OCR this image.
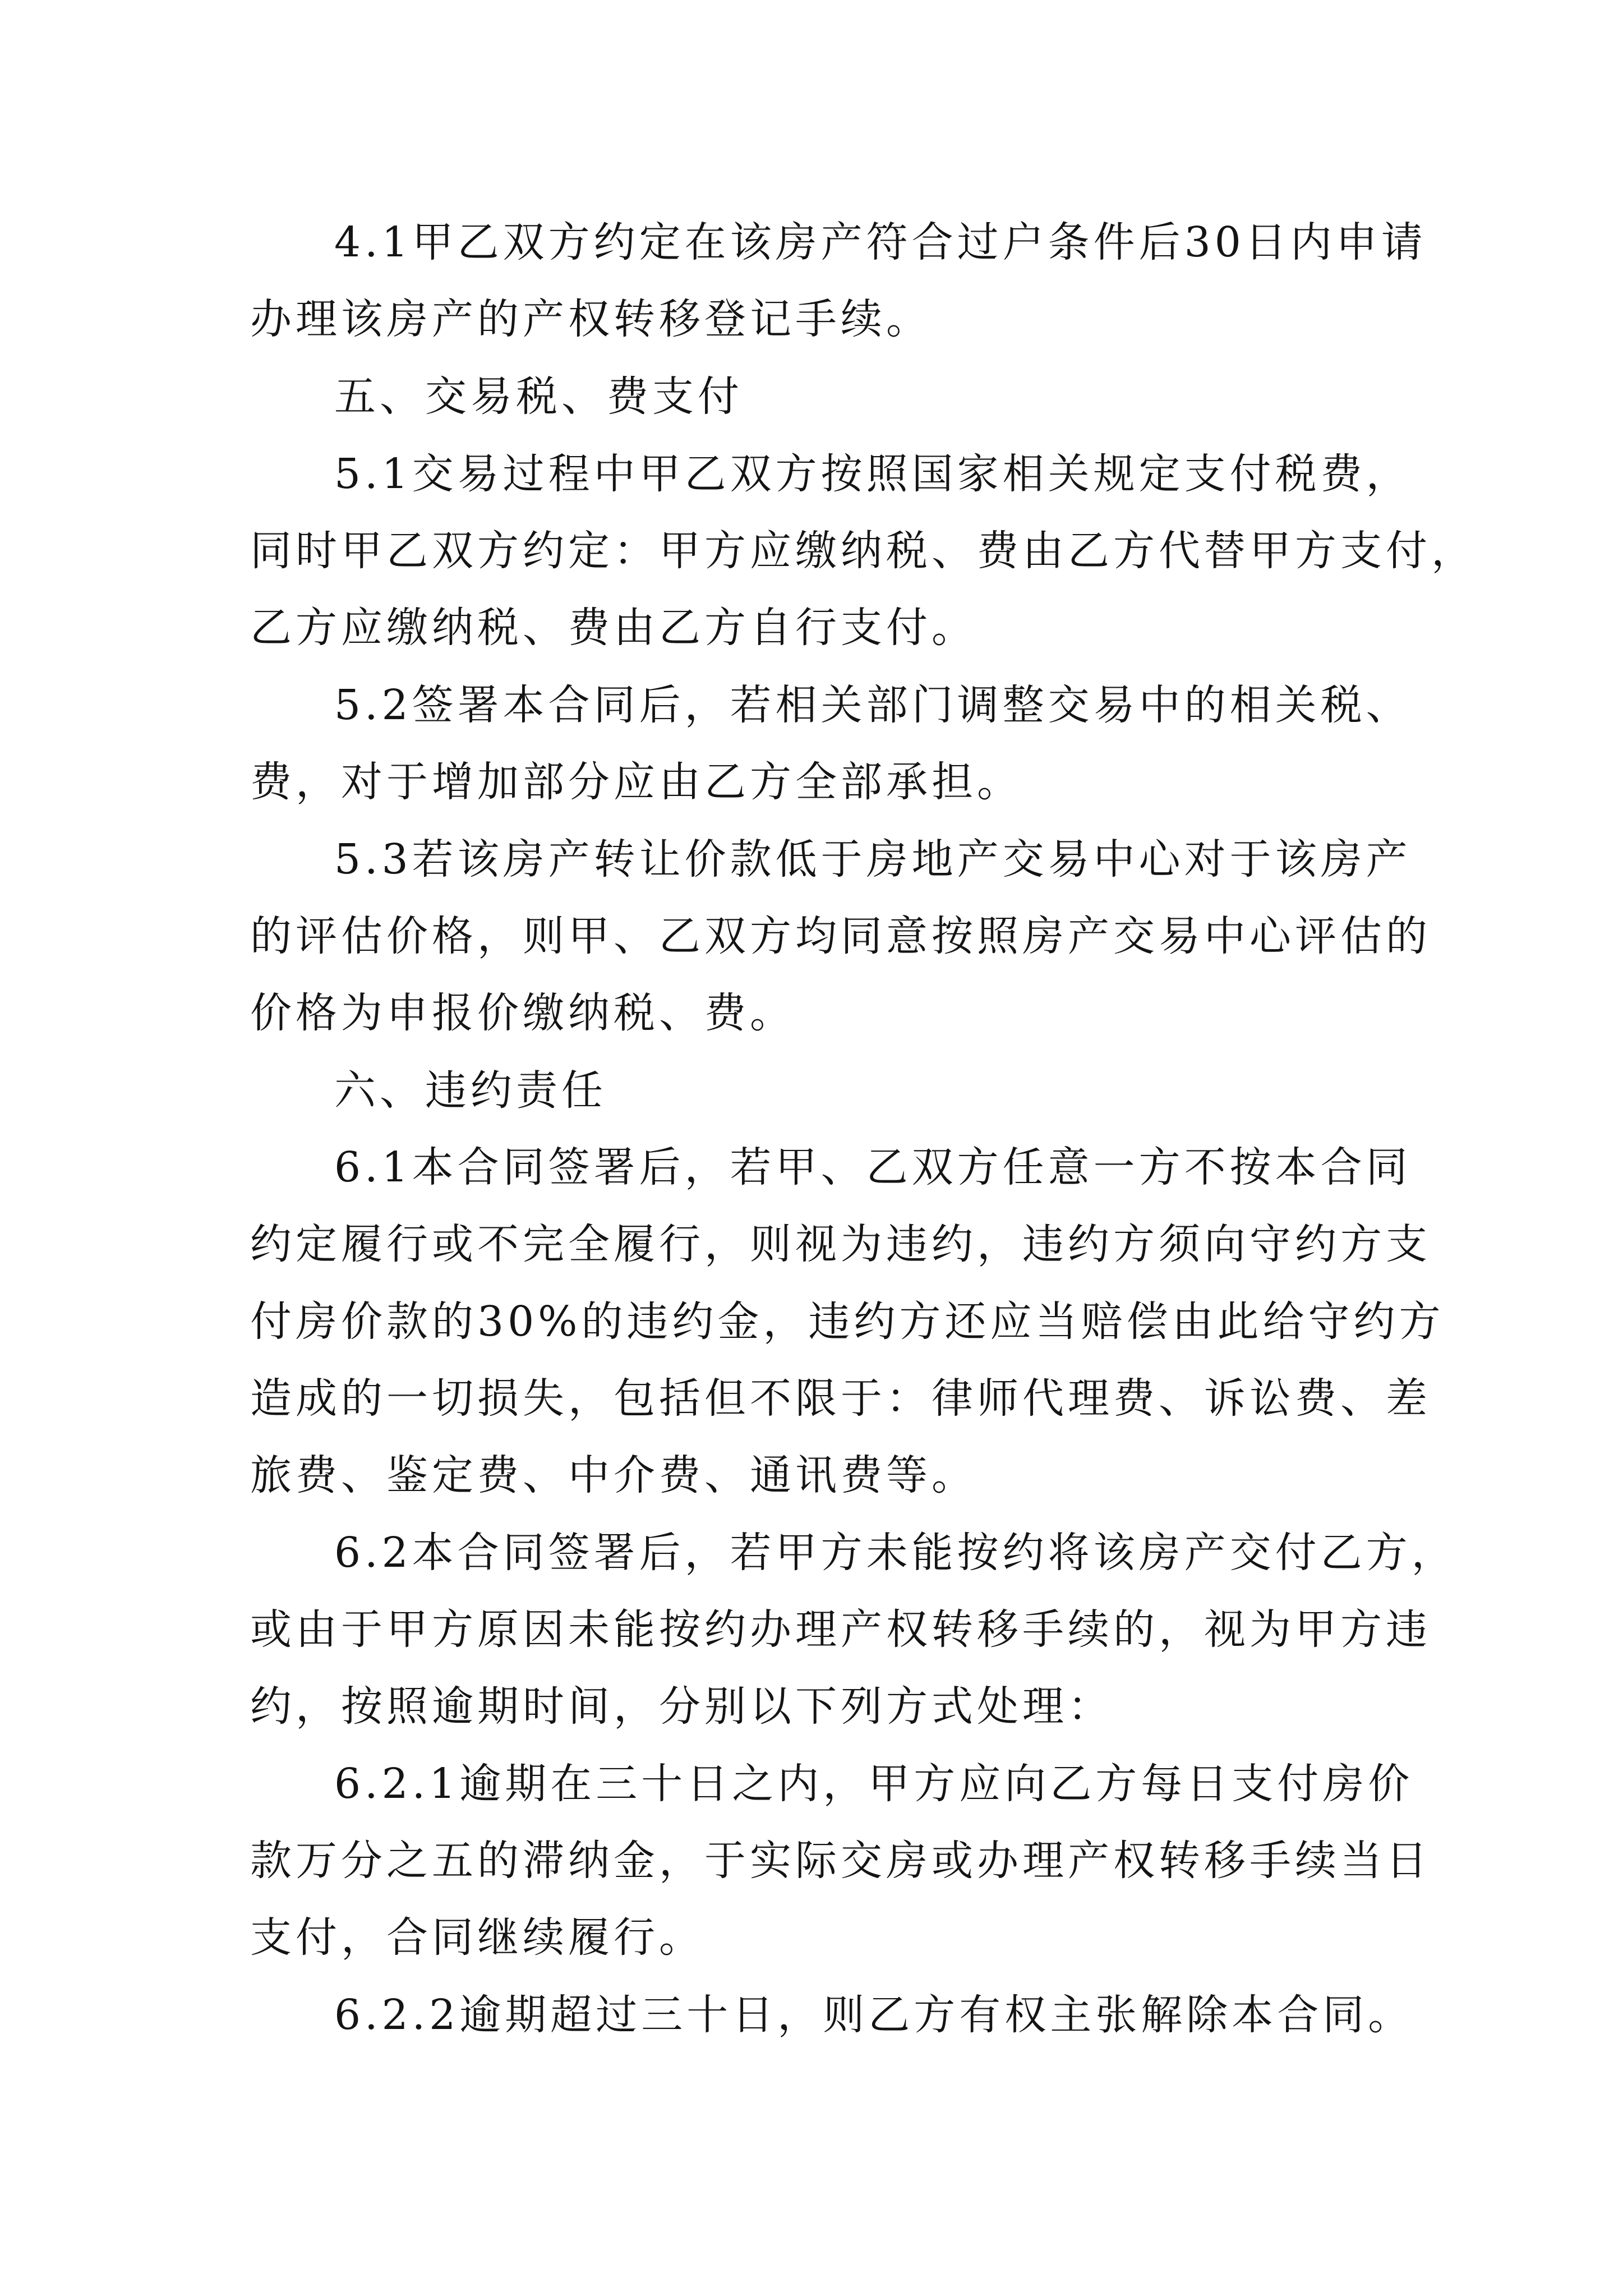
4.1甲乙双方约定在该房产符合过户条件后30日内申请

办理该房产的产权转移登记手续。

五、交易税、费支付

5.1交易过程中甲乙双方按照国家相关规定支付税费，

同时甲乙双方约定：甲方应缴纳税、费由乙方代替甲方支付，

乙方应缴纳税、费由乙方自行支付。

5.2签署本合同后，若相关部门调整交易中的相关税、

费，对于增加部分应由乙方全部承担。

5.3若该房产转让价款低于房地产交易中心对于该房产

的评估价格，则甲、乙双方均同意按照房产交易中心评估的

价格为申报价缴纳税、费。

六、违约责任

6.1本合同签署后，若甲、乙双方任意一方不按本合同

约定履行或不完全履行，则视为违约，违约方须向守约方支

付房价款的30%的违约金，违约方还应当赔偿由此给守约方

造成的一切损失，包括但不限于：律师代理费、诉讼费、差

旅费、鉴定费、中介费、通讯费等。

6.2本合同签署后，若甲方未能按约将该房产交付乙方，

或由于甲方原因未能按约办理产权转移手续的，视为甲方违

约，按照逾期时间，分别以下列方式处理：

6.2.1逾期在三十日之内，甲方应向乙方每日支付房价

款万分之五的滞纳金，于实际交房或办理产权转移手续当日

支付，合同继续履行。

6.2.2逾期超过三十日，则乙方有权主张解除本合同。
